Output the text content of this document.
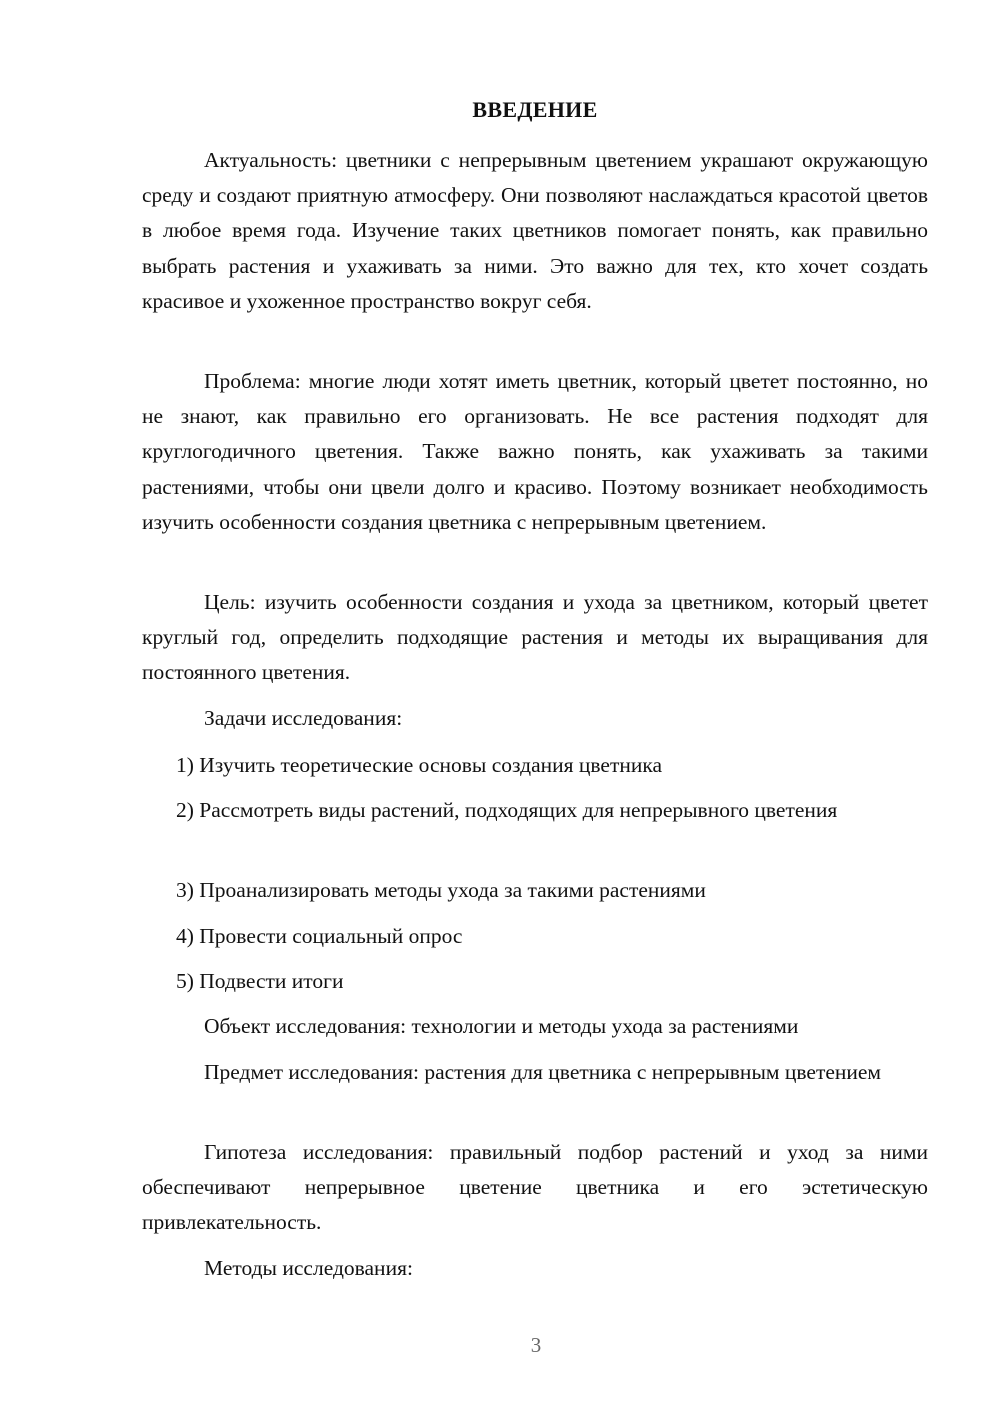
ВВЕДЕНИЕ

Актуальность: цветники с непрерывным цветением украшают окружающую среду и создают приятную атмосферу. Они позволяют наслаждаться красотой цветов в любое время года. Изучение таких цветников помогает понять, как правильно выбрать растения и ухаживать за ними. Это важно для тех, кто хочет создать красивое и ухоженное пространство вокруг себя.

Проблема: многие люди хотят иметь цветник, который цветет постоянно, но не знают, как правильно его организовать. Не все растения подходят для круглогодичного цветения. Также важно понять, как ухаживать за такими растениями, чтобы они цвели долго и красиво. Поэтому возникает необходимость изучить особенности создания цветника с непрерывным цветением.

Цель: изучить особенности создания и ухода за цветником, который цветет круглый год, определить подходящие растения и методы их выращивания для постоянного цветения.

Задачи исследования:

1) Изучить теоретические основы создания цветника

2) Рассмотреть виды растений, подходящих для непрерывного цветения

3) Проанализировать методы ухода за такими растениями

4) Провести социальный опрос

5) Подвести итоги

Объект исследования: технологии и методы ухода за растениями

Предмет исследования: растения для цветника с непрерывным цветением

Гипотеза исследования: правильный подбор растений и уход за ними обеспечивают непрерывное цветение цветника и его эстетическую привлекательность.

Методы исследования:

3
